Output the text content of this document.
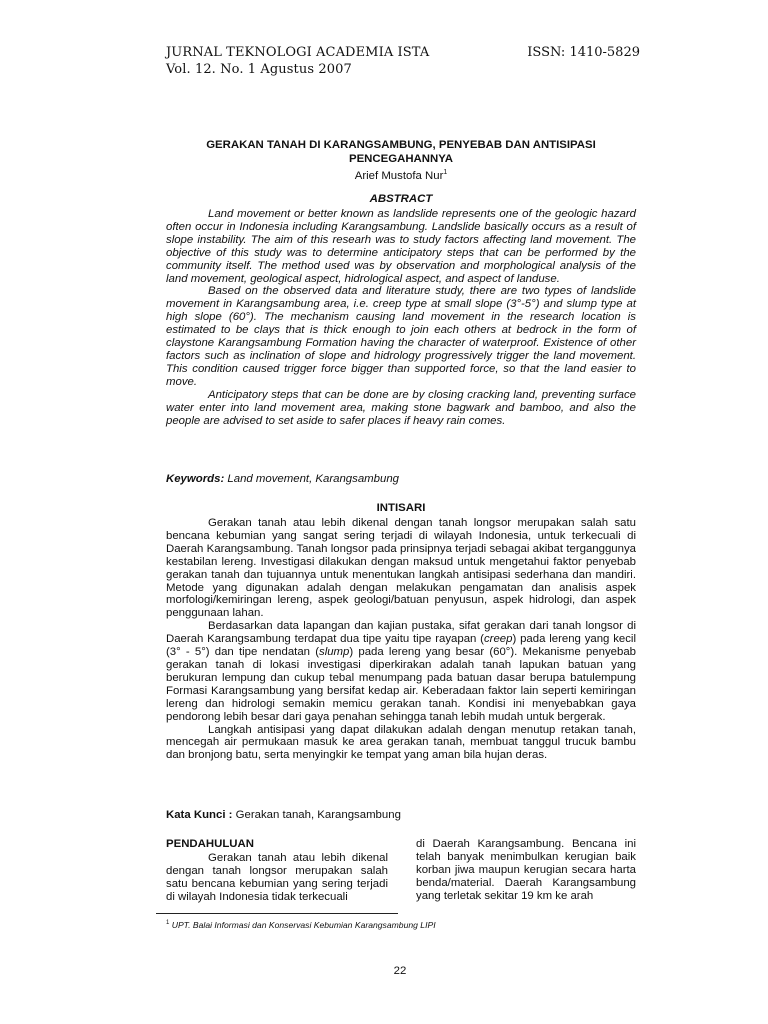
JURNAL TEKNOLOGI ACADEMIA ISTA
Vol. 12. No. 1 Agustus 2007
ISSN: 1410-5829
GERAKAN TANAH DI KARANGSAMBUNG, PENYEBAB DAN ANTISIPASI
PENCEGAHANNYA
Arief Mustofa Nur$^1$
ABSTRACT

Land movement or better known as landslide represents one of the geologic hazard often occur in Indonesia including Karangsambung. Landslide basically occurs as a result of slope instability. The aim of this researh was to study factors affecting land movement. The objective of this study was to determine anticipatory steps that can be performed by the community itself. The method used was by observation and morphological analysis of the land movement, geological aspect, hidrological aspect, and aspect of landuse.

Based on the observed data and literature study, there are two types of landslide movement in Karangsambung area, i.e. creep type at small slope (3°-5°) and slump type at high slope (60°). The mechanism causing land movement in the research location is estimated to be clays that is thick enough to join each others at bedrock in the form of claystone Karangsambung Formation having the character of waterproof. Existence of other factors such as inclination of slope and hidrology progressively trigger the land movement. This condition caused trigger force bigger than supported force, so that the land easier to move.

Anticipatory steps that can be done are by closing cracking land, preventing surface water enter into land movement area, making stone bagwark and bamboo, and also the people are advised to set aside to safer places if heavy rain comes.

Keywords: Land movement, Karangsambung
INTISARI

Gerakan tanah atau lebih dikenal dengan tanah longsor merupakan salah satu bencana kebumian yang sangat sering terjadi di wilayah Indonesia, untuk terkecuali di Daerah Karangsambung. Tanah longsor pada prinsipnya terjadi sebagai akibat terganggunya kestabilan lereng. Investigasi dilakukan dengan maksud untuk mengetahui faktor penyebab gerakan tanah dan tujuannya untuk menentukan langkah antisipasi sederhana dan mandiri. Metode yang digunakan adalah dengan melakukan pengamatan dan analisis aspek morfologi/kemiringan lereng, aspek geologi/batuan penyusun, aspek hidrologi, dan aspek penggunaan lahan.

Berdasarkan data lapangan dan kajian pustaka, sifat gerakan dari tanah longsor di Daerah Karangsambung terdapat dua tipe yaitu tipe rayapan (creep) pada lereng yang kecil (3° - 5°) dan tipe nendatan (slump) pada lereng yang besar (60°). Mekanisme penyebab gerakan tanah di lokasi investigasi diperkirakan adalah tanah lapukan batuan yang berukuran lempung dan cukup tebal menumpang pada batuan dasar berupa batulempung Formasi Karangsambung yang bersifat kedap air. Keberadaan faktor lain seperti kemiringan lereng dan hidrologi semakin memicu gerakan tanah. Kondisi ini menyebabkan gaya pendorong lebih besar dari gaya penahan sehingga tanah lebih mudah untuk bergerak.

Langkah antisipasi yang dapat dilakukan adalah dengan menutup retakan tanah, mencegah air permukaan masuk ke area gerakan tanah, membuat tanggul trucuk bambu dan bronjong batu, serta menyingkir ke tempat yang aman bila hujan deras.

Kata Kunci : Gerakan tanah, Karangsambung
PENDAHULUAN

Gerakan tanah atau lebih dikenal dengan tanah longsor merupakan salah satu bencana kebumian yang sering terjadi di wilayah Indonesia tidak terkecuali

di Daerah Karangsambung. Bencana ini telah banyak menimbulkan kerugian baik korban jiwa maupun kerugian secara harta benda/material. Daerah Karangsambung yang terletak sekitar 19 km ke arah

$^1$ UPT. Balai Informasi dan Konservasi Kebumian Karangsambung LIPI
22
